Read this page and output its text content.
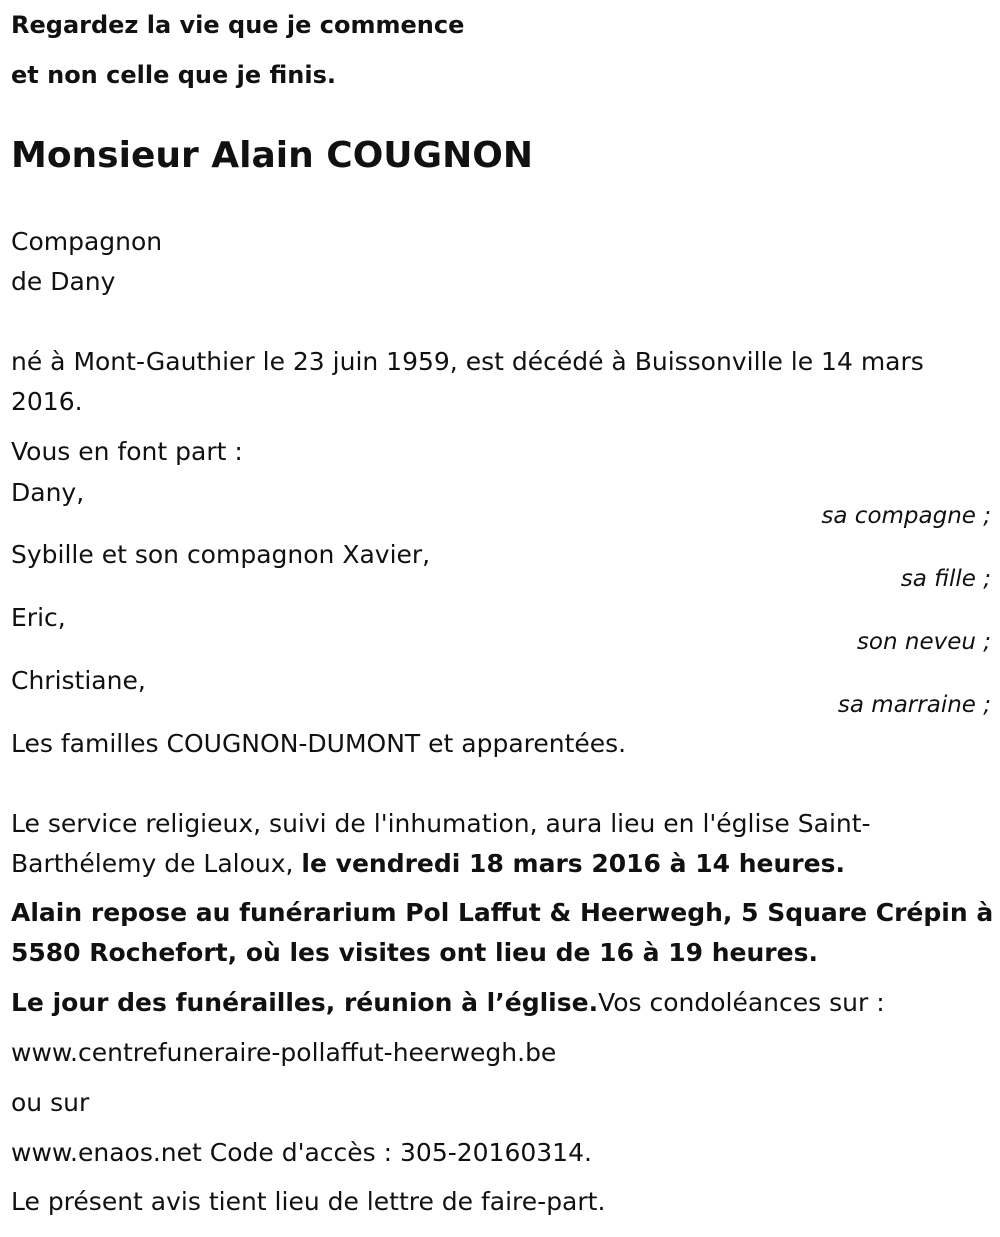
Regardez la vie que je commence
et non celle que je finis.
Monsieur Alain COUGNON
Compagnon
de Dany
né à Mont-Gauthier le 23 juin 1959, est décédé à Buissonville le 14 mars
2016.
Vous en font part :
Dany,
sa compagne ;
Sybille et son compagnon Xavier,
sa fille ;
Eric,
son neveu ;
Christiane,
sa marraine ;
Les familles COUGNON-DUMONT et apparentées.
Le service religieux, suivi de l'inhumation, aura lieu en l'église Saint-
Barthélemy de Laloux, le vendredi 18 mars 2016 à 14 heures.
Alain repose au funérarium Pol Laffut & Heerwegh, 5 Square Crépin à
5580 Rochefort, où les visites ont lieu de 16 à 19 heures.
Le jour des funérailles, réunion à l’église.Vos condoléances sur :
www.centrefuneraire-pollaffut-heerwegh.be
ou sur
www.enaos.net Code d'accès : 305-20160314.
Le présent avis tient lieu de lettre de faire-part.
